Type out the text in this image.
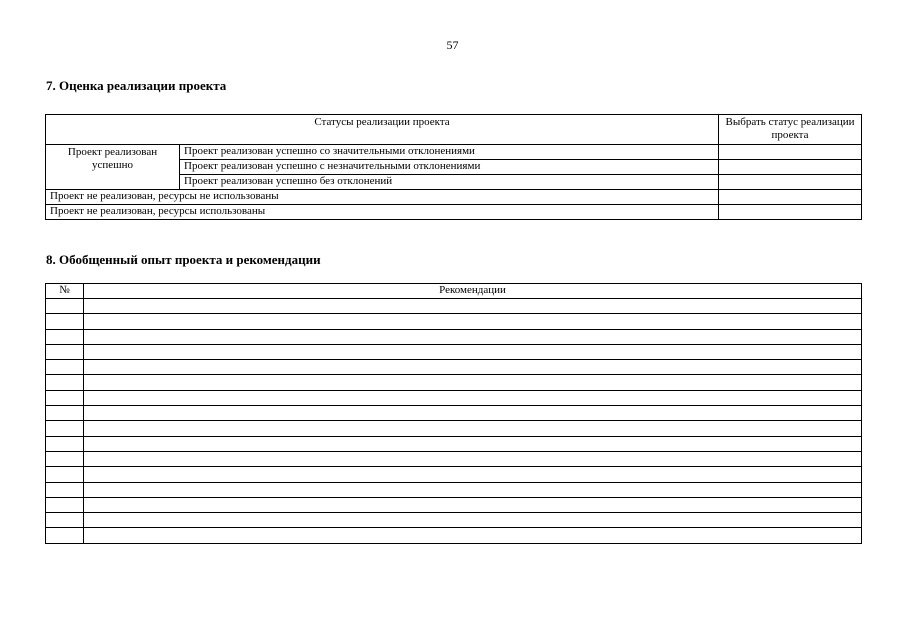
57
7. Оценка реализации проекта
Статусы реализации проекта		Выбрать статус реализации проекта
Проект реализован успешно	Проект реализован успешно со значительными отклонениями	
	Проект реализован успешно с незначительными отклонениями	
	Проект реализован успешно без отклонений	
Проект не реализован, ресурсы не использованы		
Проект не реализован, ресурсы использованы		
8. Обобщенный опыт проекта и рекомендации
№	Рекомендации
